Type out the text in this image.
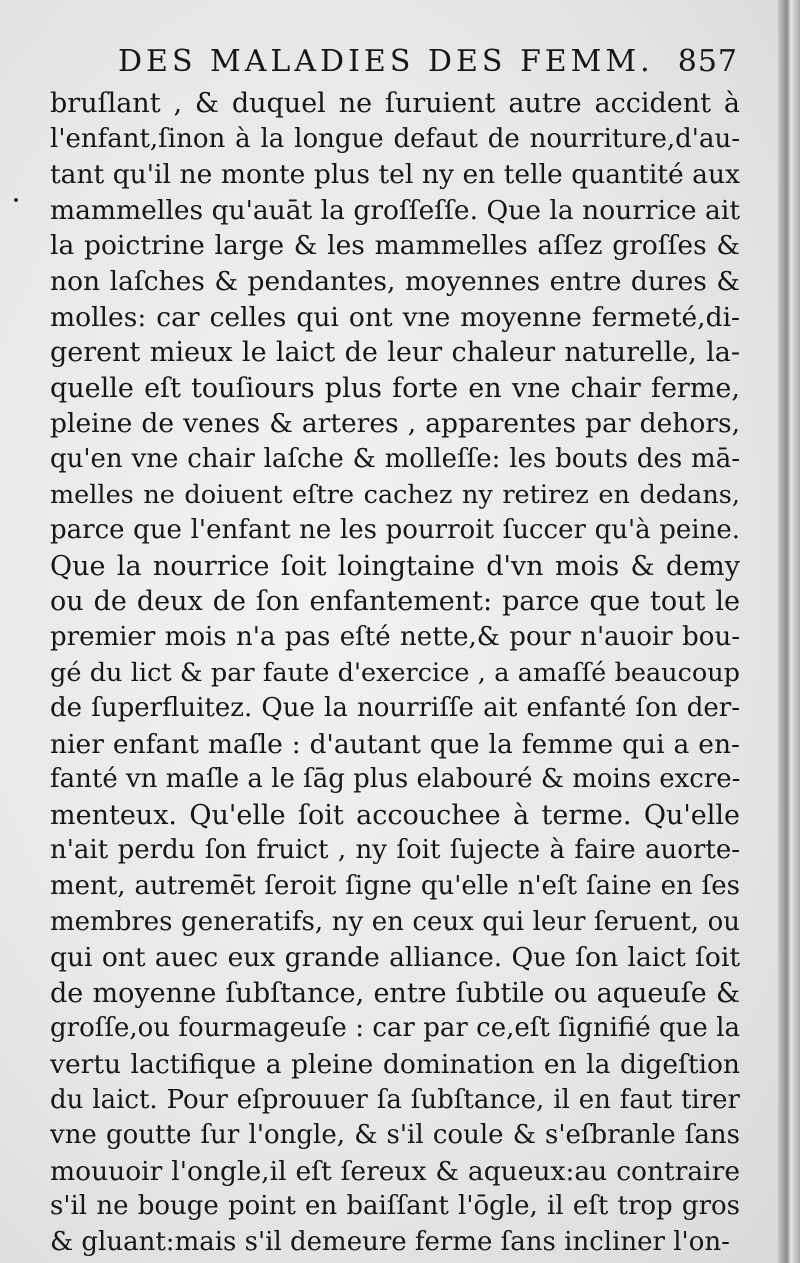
DES MALADIES DES FEMM. 857
bruſlant , & duquel ne ſuruient autre accident à
l'enfant,ſinon à la longue defaut de nourriture,d'au-
tant qu'il ne monte plus tel ny en telle quantité aux
mammelles qu'auāt la groſſeſſe. Que la nourrice ait
la poictrine large & les mammelles aſſez groſſes &
non laſches & pendantes, moyennes entre dures &
molles: car celles qui ont vne moyenne fermeté,di-
gerent mieux le laict de leur chaleur naturelle, la-
quelle eſt touſiours plus forte en vne chair ferme,
pleine de venes & arteres , apparentes par dehors,
qu'en vne chair laſche & molleſſe: les bouts des mā-
melles ne doiuent eſtre cachez ny retirez en dedans,
parce que l'enfant ne les pourroit ſuccer qu'à peine.
Que la nourrice ſoit loingtaine d'vn mois & demy
ou de deux de ſon enfantement: parce que tout le
premier mois n'a pas eſté nette,& pour n'auoir bou-
gé du lict & par faute d'exercice , a amaſſé beaucoup
de ſuperfluitez. Que la nourriſſe ait enfanté ſon der-
nier enfant maſle : d'autant que la femme qui a en-
fanté vn maſle a le ſāg plus elabouré & moins excre-
menteux. Qu'elle ſoit accouchee à terme. Qu'elle
n'ait perdu ſon fruict , ny ſoit ſujecte à faire auorte-
ment, autremēt ſeroit ſigne qu'elle n'eſt ſaine en ſes
membres generatifs, ny en ceux qui leur ſeruent, ou
qui ont auec eux grande alliance. Que ſon laict ſoit
de moyenne ſubſtance, entre ſubtile ou aqueuſe &
groſſe,ou fourmageuſe : car par ce,eſt ſignifié que la
vertu lactifique a pleine domination en la digeſtion
du laict. Pour eſprouuer ſa ſubſtance, il en faut tirer
vne goutte ſur l'ongle, & s'il coule & s'eſbranle ſans
mouuoir l'ongle,il eſt ſereux & aqueux:au contraire
s'il ne bouge point en baiſſant l'ōgle, il eſt trop gros
& gluant:mais s'il demeure ferme ſans incliner l'on-
